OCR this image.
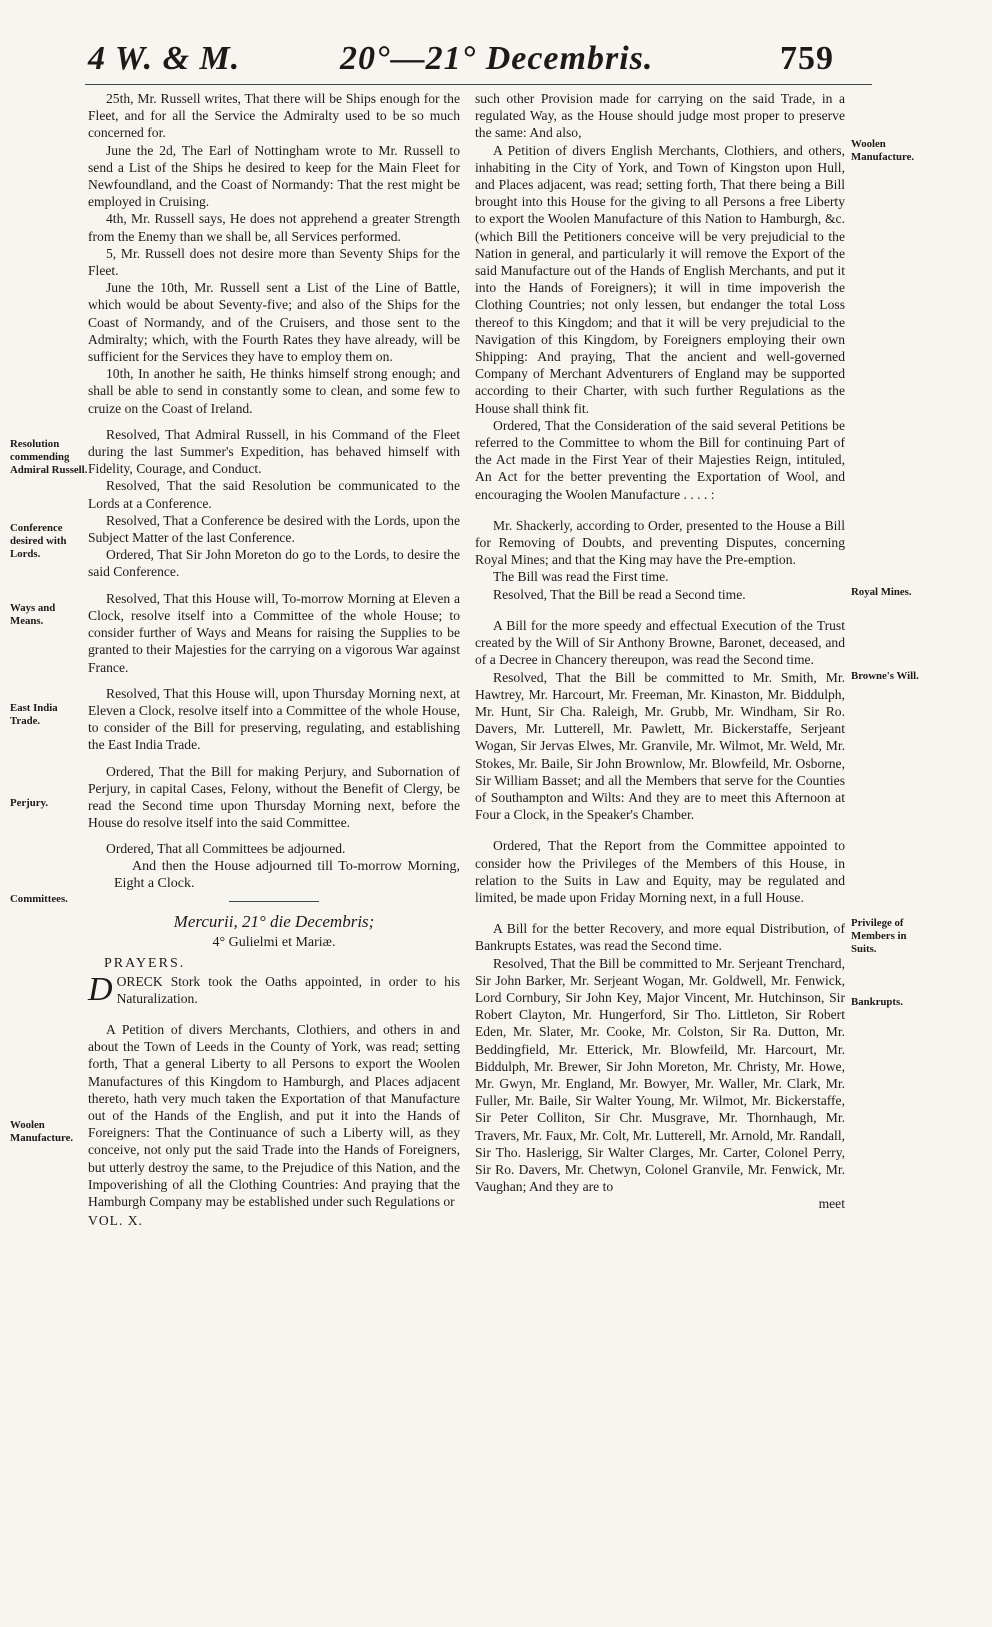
4 W. & M.	20°—21° Decembris.	759

25th, Mr. Russell writes, That there will be Ships enough for the Fleet, and for all the Service the Admiralty used to be so much concerned for.

June the 2d, The Earl of Nottingham wrote to Mr. Russell to send a List of the Ships he desired to keep for the Main Fleet for Newfoundland, and the Coast of Normandy: That the rest might be employed in Cruising.

4th, Mr. Russell says, He does not apprehend a greater Strength from the Enemy than we shall be, all Services performed.

5, Mr. Russell does not desire more than Seventy Ships for the Fleet.

June the 10th, Mr. Russell sent a List of the Line of Battle, which would be about Seventy-five; and also of the Ships for the Coast of Normandy, and of the Cruisers, and those sent to the Admiralty; which, with the Fourth Rates they have already, will be sufficient for the Services they have to employ them on.

10th, In another he saith, He thinks himself strong enough; and shall be able to send in constantly some to clean, and some few to cruize on the Coast of Ireland.

Resolved, That Admiral Russell, in his Command of the Fleet during the last Summer's Expedition, has behaved himself with Fidelity, Courage, and Conduct.

Resolved, That the said Resolution be communicated to the Lords at a Conference.

Resolved, That a Conference be desired with the Lords, upon the Subject Matter of the last Conference.

Ordered, That Sir John Moreton do go to the Lords, to desire the said Conference.

Resolved, That this House will, To-morrow Morning at Eleven a Clock, resolve itself into a Committee of the whole House; to consider further of Ways and Means for raising the Supplies to be granted to their Majesties for the carrying on a vigorous War against France.

Resolved, That this House will, upon Thursday Morning next, at Eleven a Clock, resolve itself into a Committee of the whole House, to consider of the Bill for preserving, regulating, and establishing the East India Trade.

Ordered, That the Bill for making Perjury, and Subornation of Perjury, in capital Cases, Felony, without the Benefit of Clergy, be read the Second time upon Thursday Morning next, before the House do resolve itself into the said Committee.

Ordered, That all Committees be adjourned.

And then the House adjourned till To-morrow Morning, Eight a Clock.

Mercurii, 21° die Decembris;
4° Gulielmi et Mariæ.
PRAYERS.

DORECK Stork took the Oaths appointed, in order to his Naturalization.

A Petition of divers Merchants, Clothiers, and others in and about the Town of Leeds in the County of York, was read; setting forth, That a general Liberty to all Persons to export the Woolen Manufactures of this Kingdom to Hamburgh, and Places adjacent thereto, hath very much taken the Exportation of that Manufacture out of the Hands of the English, and put it into the Hands of Foreigners: That the Continuance of such a Liberty will, as they conceive, not only put the said Trade into the Hands of Foreigners, but utterly destroy the same, to the Prejudice of this Nation, and the Impoverishing of all the Clothing Countries: And praying that the Hamburgh Company may be established under such Regulations or

VOL. X.

such other Provision made for carrying on the said Trade, in a regulated Way, as the House should judge most proper to preserve the same: And also,

A Petition of divers English Merchants, Clothiers, and others, inhabiting in the City of York, and Town of Kingston upon Hull, and Places adjacent, was read; setting forth, That there being a Bill brought into this House for the giving to all Persons a free Liberty to export the Woolen Manufacture of this Nation to Hamburgh, &c. (which Bill the Petitioners conceive will be very prejudicial to the Nation in general, and particularly it will remove the Export of the said Manufacture out of the Hands of English Merchants, and put it into the Hands of Foreigners); it will in time impoverish the Clothing Countries; not only lessen, but endanger the total Loss thereof to this Kingdom; and that it will be very prejudicial to the Navigation of this Kingdom, by Foreigners employing their own Shipping: And praying, That the ancient and well-governed Company of Merchant Adventurers of England may be supported according to their Charter, with such further Regulations as the House shall think fit.

Ordered, That the Consideration of the said several Petitions be referred to the Committee to whom the Bill for continuing Part of the Act made in the First Year of their Majesties Reign, intituled, An Act for the better preventing the Exportation of Wool, and encouraging the Woolen Manufacture . . . . :

Mr. Shackerly, according to Order, presented to the House a Bill for Removing of Doubts, and preventing Disputes, concerning Royal Mines; and that the King may have the Pre-emption.

The Bill was read the First time.

Resolved, That the Bill be read a Second time.

A Bill for the more speedy and effectual Execution of the Trust created by the Will of Sir Anthony Browne, Baronet, deceased, and of a Decree in Chancery thereupon, was read the Second time.

Resolved, That the Bill be committed to Mr. Smith, Mr. Hawtrey, Mr. Harcourt, Mr. Freeman, Mr. Kinaston, Mr. Biddulph, Mr. Hunt, Sir Cha. Raleigh, Mr. Grubb, Mr. Windham, Sir Ro. Davers, Mr. Lutterell, Mr. Pawlett, Mr. Bickerstaffe, Serjeant Wogan, Sir Jervas Elwes, Mr. Granvile, Mr. Wilmot, Mr. Weld, Mr. Stokes, Mr. Baile, Sir John Brownlow, Mr. Blowfeild, Mr. Osborne, Sir William Basset; and all the Members that serve for the Counties of Southampton and Wilts: And they are to meet this Afternoon at Four a Clock, in the Speaker's Chamber.

Ordered, That the Report from the Committee appointed to consider how the Privileges of the Members of this House, in relation to the Suits in Law and Equity, may be regulated and limited, be made upon Friday Morning next, in a full House.

A Bill for the better Recovery, and more equal Distribution, of Bankrupts Estates, was read the Second time.

Resolved, That the Bill be committed to Mr. Serjeant Trenchard, Sir John Barker, Mr. Serjeant Wogan, Mr. Goldwell, Mr. Fenwick, Lord Cornbury, Sir John Key, Major Vincent, Mr. Hutchinson, Sir Robert Clayton, Mr. Hungerford, Sir Tho. Littleton, Sir Robert Eden, Mr. Slater, Mr. Cooke, Mr. Colston, Sir Ra. Dutton, Mr. Beddingfield, Mr. Etterick, Mr. Blowfeild, Mr. Harcourt, Mr. Biddulph, Mr. Brewer, Sir John Moreton, Mr. Christy, Mr. Howe, Mr. Gwyn, Mr. England, Mr. Bowyer, Mr. Waller, Mr. Clark, Mr. Fuller, Mr. Baile, Sir Walter Young, Mr. Wilmot, Mr. Bickerstaffe, Sir Peter Colliton, Sir Chr. Musgrave, Mr. Thornhaugh, Mr. Travers, Mr. Faux, Mr. Colt, Mr. Lutterell, Mr. Arnold, Mr. Randall, Sir Tho. Haslerigg, Sir Walter Clarges, Mr. Carter, Colonel Perry, Sir Ro. Davers, Mr. Chetwyn, Colonel Granvile, Mr. Fenwick, Mr. Vaughan; And they are to

meet
Resolution commending Admiral Russell.
Conference desired with Lords.
Ways and Means.
East India Trade.
Perjury.
Committees.
Woolen Manufacture.
Woolen Manufacture.
Royal Mines.
Browne's Will.
Privilege of Members in Suits.
Bankrupts.
